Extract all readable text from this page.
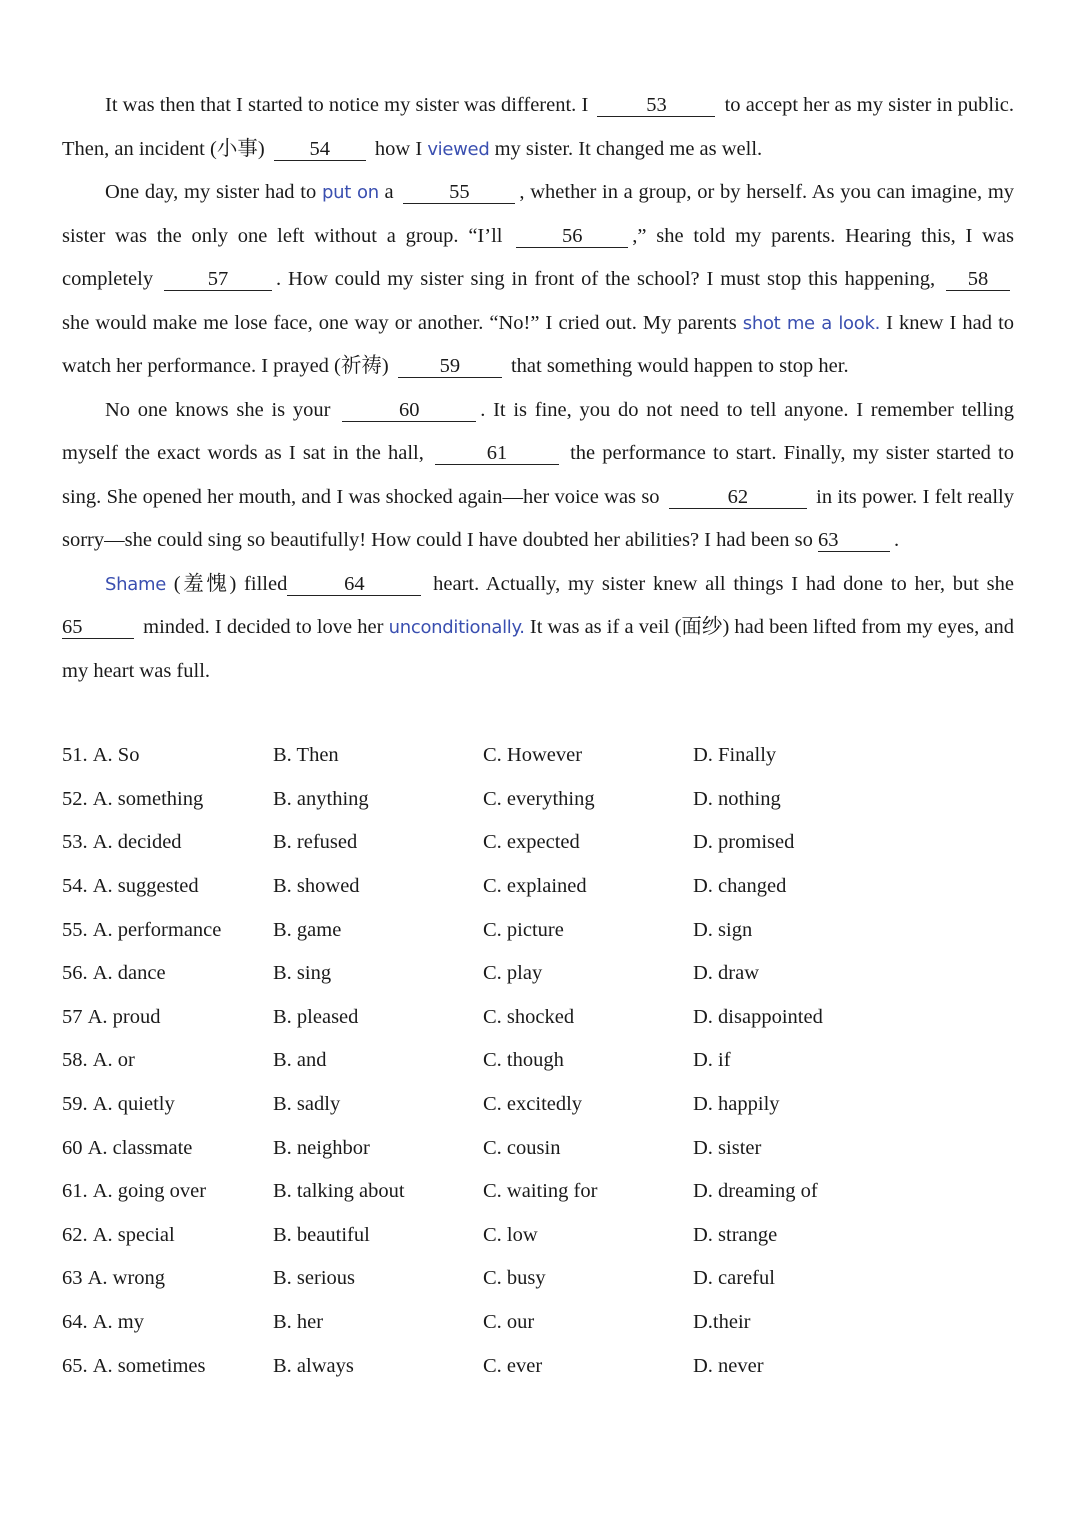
It was then that I started to notice my sister was different. I	53	to accept her as my sister in public. Then, an incident (小事) 54 how I viewed my sister. It changed me as well.

One day, my sister had to put on a	55 , whether in a group, or by herself. As you can imagine, my sister was the only one left without a group. “I’ll	56 ,” she told my parents. Hearing this, I was completely	57 . How could my sister sing in front of the school? I must stop this happening, 58 she would make me lose face, one way or another. “No!” I cried out. My parents shot me a look. I knew I had to watch her performance. I prayed (祈祷) 59 that something would happen to stop her.

No one knows she is your	60	. It is fine, you do not need to tell anyone. I remember telling myself the exact words as I sat in the hall,	61	the performance to start. Finally, my sister started to sing. She opened her mouth, and I was shocked again—her voice was so	62	in its power. I felt really sorry—she could sing so beautifully! How could I have doubted her abilities? I had been so 63	.

Shame (羞愧) filled	64	heart. Actually, my sister knew all things I had done to her, but she 65	minded. I decided to love her unconditionally. It was as if a veil (面纱) had been lifted from my eyes, and my heart was full.

51. A. So	B. Then	C. However	D. Finally
52. A. something	B. anything	C. everything	D. nothing
53. A. decided	B. refused	C. expected	D. promised
54. A. suggested	B. showed	C. explained	D. changed
55. A. performance	B. game	C. picture	D. sign
56. A. dance	B. sing	C. play	D. draw
57 A. proud	B. pleased	C. shocked	D. disappointed
58. A. or	B. and	C. though	D. if
59. A. quietly	B. sadly	C. excitedly	D. happily
60 A. classmate	B. neighbor	C. cousin	D. sister
61. A. going over	B. talking about	C. waiting for	D. dreaming of
62. A. special	B. beautiful	C. low	D. strange
63 A. wrong	B. serious	C. busy	D. careful
64. A. my	B. her	C. our	D.their
65. A. sometimes	B. always	C. ever	D. never
